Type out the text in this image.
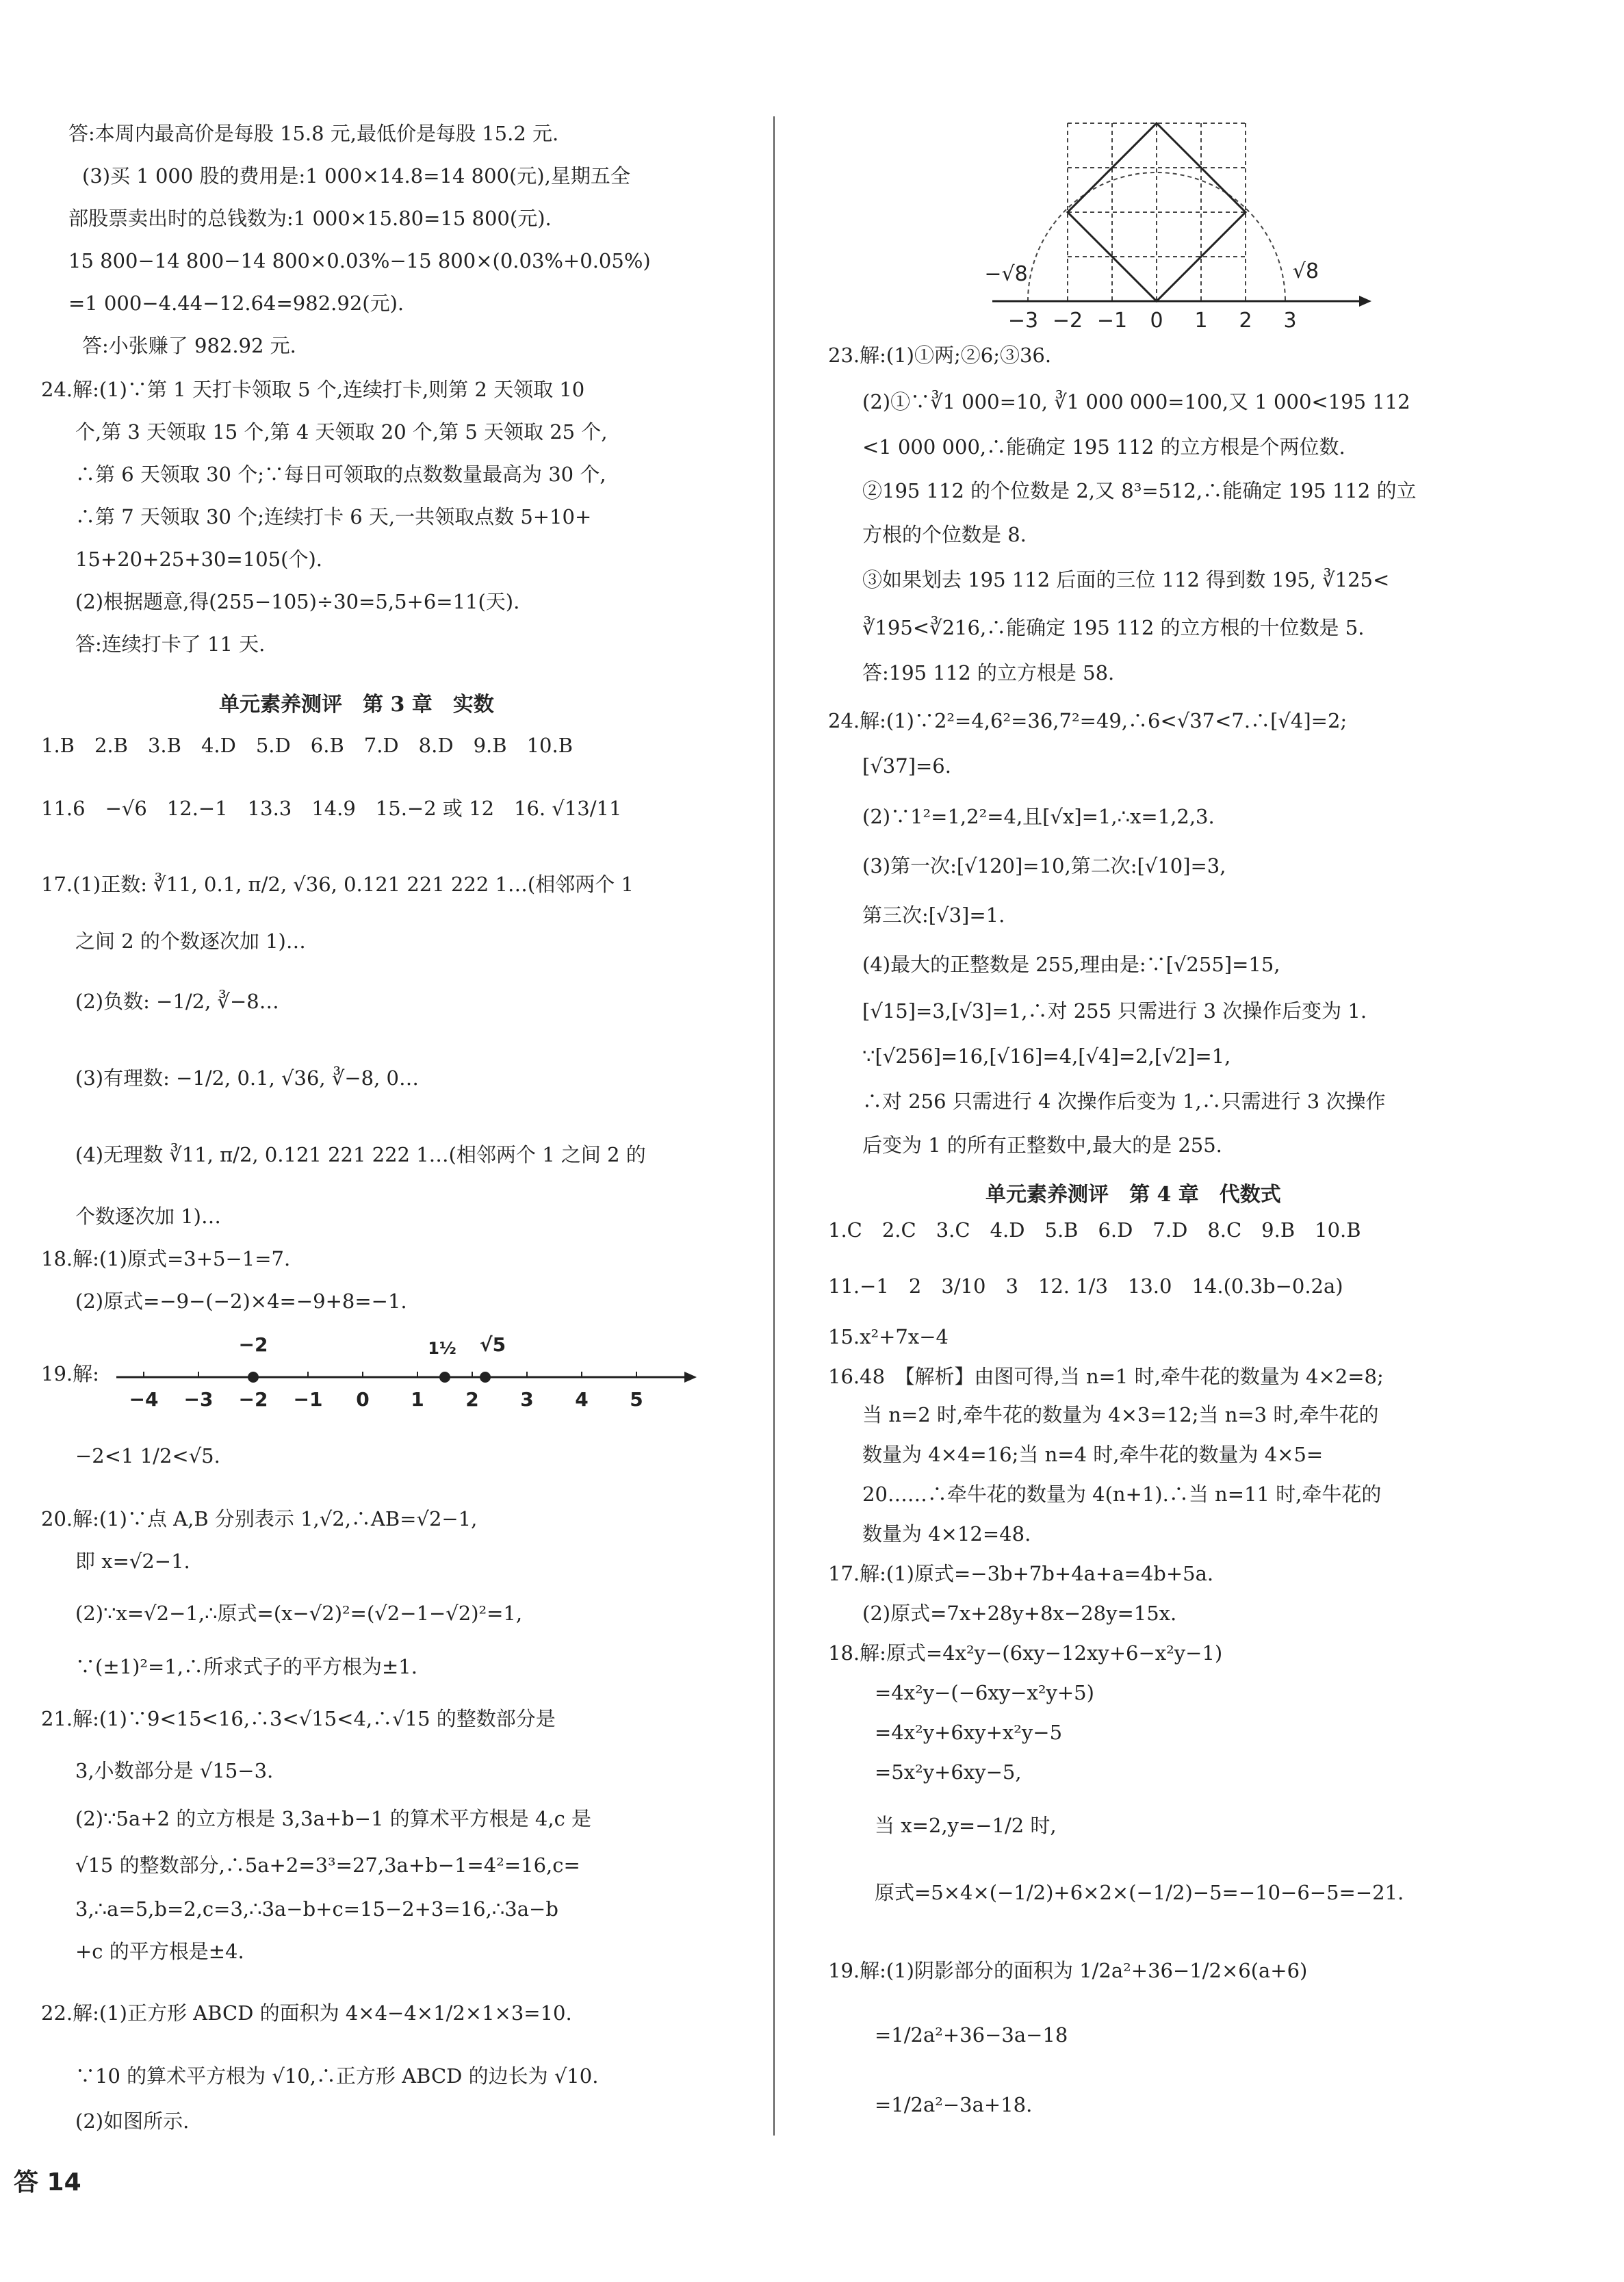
答:本周内最高价是每股 15.8 元,最低价是每股 15.2 元.
(3)买 1 000 股的费用是:1 000×14.8=14 800(元),星期五全
部股票卖出时的总钱数为:1 000×15.80=15 800(元).
15 800−14 800−14 800×0.03%−15 800×(0.03%+0.05%)
=1 000−4.44−12.64=982.92(元).
答:小张赚了 982.92 元.
24.解:(1)∵第 1 天打卡领取 5 个,连续打卡,则第 2 天领取 10
个,第 3 天领取 15 个,第 4 天领取 20 个,第 5 天领取 25 个,
∴第 6 天领取 30 个;∵每日可领取的点数数量最高为 30 个,
∴第 7 天领取 30 个;连续打卡 6 天,一共领取点数 5+10+
15+20+25+30=105(个).
(2)根据题意,得(255−105)÷30=5,5+6=11(天).
答:连续打卡了 11 天.
单元素养测评　第 3 章　实数
1.B　2.B　3.B　4.D　5.D　6.B　7.D　8.D　9.B　10.B
11.6　−√6　12.−1　13.3　14.9　15.−2 或 12　16. √13/11
17.(1)正数: ∛11, 0.1, π/2, √36, 0.121 221 222 1…(相邻两个 1
之间 2 的个数逐次加 1)…
(2)负数: −1/2, ∛−8…
(3)有理数: −1/2, 0.1, √36, ∛−8, 0…
(4)无理数 ∛11, π/2, 0.121 221 222 1…(相邻两个 1 之间 2 的
个数逐次加 1)…
18.解:(1)原式=3+5−1=7.
(2)原式=−9−(−2)×4=−9+8=−1.
19.解:
−4 −3 −2 −1 0 1 2 3 4 5
−2	1½ √5
−2<1 1/2<√5.
20.解:(1)∵点 A,B 分别表示 1,√2,∴AB=√2−1,
即 x=√2−1.
(2)∵x=√2−1,∴原式=(x−√2)²=(√2−1−√2)²=1,
∵(±1)²=1,∴所求式子的平方根为±1.
21.解:(1)∵9<15<16,∴3<√15<4,∴√15 的整数部分是
3,小数部分是 √15−3.
(2)∵5a+2 的立方根是 3,3a+b−1 的算术平方根是 4,c 是
√15 的整数部分,∴5a+2=3³=27,3a+b−1=4²=16,c=
3,∴a=5,b=2,c=3,∴3a−b+c=15−2+3=16,∴3a−b
+c 的平方根是±4.
22.解:(1)正方形 ABCD 的面积为 4×4−4×1/2×1×3=10.
∵10 的算术平方根为 √10,∴正方形 ABCD 的边长为 √10.
(2)如图所示.
−3 −2 −1 0 1 2 3
−√8	√8
23.解:(1)①两;②6;③36.
(2)①∵∛1 000=10, ∛1 000 000=100,又 1 000<195 112
<1 000 000,∴能确定 195 112 的立方根是个两位数.
②195 112 的个位数是 2,又 8³=512,∴能确定 195 112 的立
方根的个位数是 8.
③如果划去 195 112 后面的三位 112 得到数 195, ∛125<
∛195<∛216,∴能确定 195 112 的立方根的十位数是 5.
答:195 112 的立方根是 58.
24.解:(1)∵2²=4,6²=36,7²=49,∴6<√37<7.∴[√4]=2;
[√37]=6.
(2)∵1²=1,2²=4,且[√x]=1,∴x=1,2,3.
(3)第一次:[√120]=10,第二次:[√10]=3,
第三次:[√3]=1.
(4)最大的正整数是 255,理由是:∵[√255]=15,
[√15]=3,[√3]=1,∴对 255 只需进行 3 次操作后变为 1.
∵[√256]=16,[√16]=4,[√4]=2,[√2]=1,
∴对 256 只需进行 4 次操作后变为 1,∴只需进行 3 次操作
后变为 1 的所有正整数中,最大的是 255.
单元素养测评　第 4 章　代数式
1.C　2.C　3.C　4.D　5.B　6.D　7.D　8.C　9.B　10.B
11.−1　2　3/10　3　12. 1/3　13.0　14.(0.3b−0.2a)
15.x²+7x−4
16.48　【解析】由图可得,当 n=1 时,牵牛花的数量为 4×2=8;
当 n=2 时,牵牛花的数量为 4×3=12;当 n=3 时,牵牛花的
数量为 4×4=16;当 n=4 时,牵牛花的数量为 4×5=
20……∴牵牛花的数量为 4(n+1).∴当 n=11 时,牵牛花的
数量为 4×12=48.
17.解:(1)原式=−3b+7b+4a+a=4b+5a.
(2)原式=7x+28y+8x−28y=15x.
18.解:原式=4x²y−(6xy−12xy+6−x²y−1)
=4x²y−(−6xy−x²y+5)
=4x²y+6xy+x²y−5
=5x²y+6xy−5,
当 x=2,y=−1/2 时,
原式=5×4×(−1/2)+6×2×(−1/2)−5=−10−6−5=−21.
19.解:(1)阴影部分的面积为 1/2a²+36−1/2×6(a+6)
=1/2a²+36−3a−18
=1/2a²−3a+18.
答 14
